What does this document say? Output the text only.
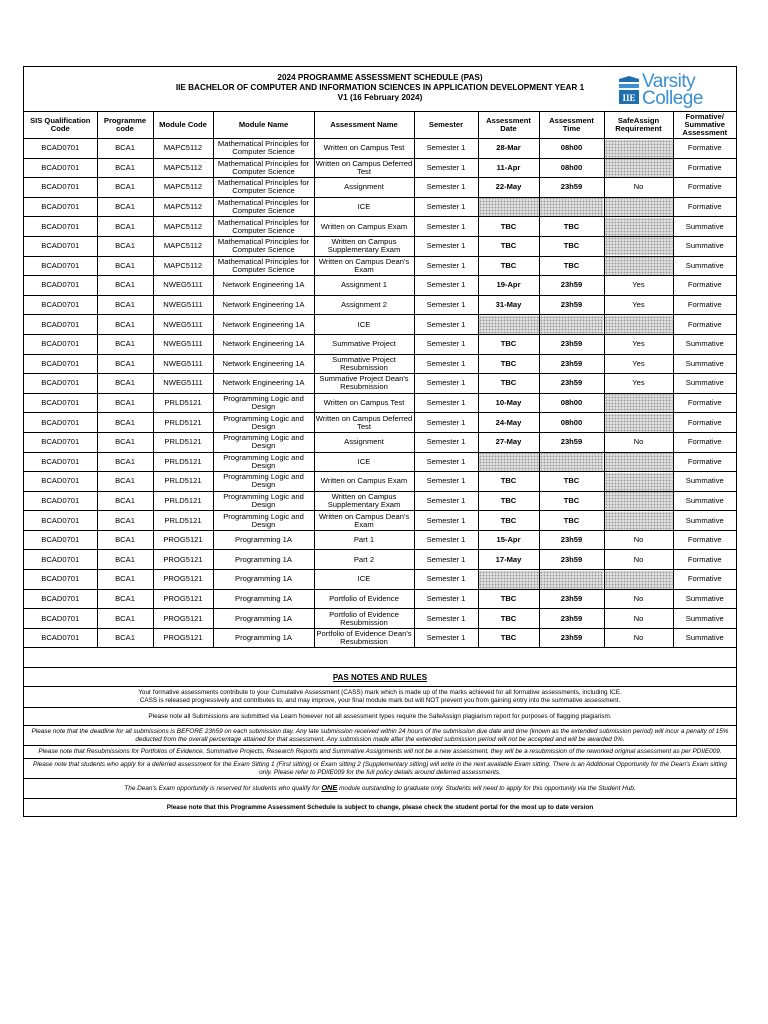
2024 PROGRAMME ASSESSMENT SCHEDULE (PAS)
IIE BACHELOR OF COMPUTER AND INFORMATION SCIENCES IN APPLICATION DEVELOPMENT YEAR 1
V1 (16 February 2024)	IIE
Varsity
College
SIS Qualification Code	Programme code	Module Code	Module Name	Assessment Name	Semester	Assessment Date	Assessment Time	SafeAssign Requirement	Formative/ Summative Assessment
BCAD0701	BCA1	MAPC5112	Mathematical Principles for Computer Science	Written on Campus Test	Semester 1	28-Mar	08h00		Formative
BCAD0701	BCA1	MAPC5112	Mathematical Principles for Computer Science	Written on Campus Deferred Test	Semester 1	11-Apr	08h00		Formative
BCAD0701	BCA1	MAPC5112	Mathematical Principles for Computer Science	Assignment	Semester 1	22-May	23h59	No	Formative
BCAD0701	BCA1	MAPC5112	Mathematical Principles for Computer Science	ICE	Semester 1				Formative
BCAD0701	BCA1	MAPC5112	Mathematical Principles for Computer Science	Written on Campus Exam	Semester 1	TBC	TBC		Summative
BCAD0701	BCA1	MAPC5112	Mathematical Principles for Computer Science	Written on Campus Supplementary Exam	Semester 1	TBC	TBC		Summative
BCAD0701	BCA1	MAPC5112	Mathematical Principles for Computer Science	Written on Campus Dean's Exam	Semester 1	TBC	TBC		Summative
BCAD0701	BCA1	NWEG5111	Network Engineering 1A	Assignment 1	Semester 1	19-Apr	23h59	Yes	Formative
BCAD0701	BCA1	NWEG5111	Network Engineering 1A	Assignment 2	Semester 1	31-May	23h59	Yes	Formative
BCAD0701	BCA1	NWEG5111	Network Engineering 1A	ICE	Semester 1				Formative
BCAD0701	BCA1	NWEG5111	Network Engineering 1A	Summative Project	Semester 1	TBC	23h59	Yes	Summative
BCAD0701	BCA1	NWEG5111	Network Engineering 1A	Summative Project Resubmission	Semester 1	TBC	23h59	Yes	Summative
BCAD0701	BCA1	NWEG5111	Network Engineering 1A	Summative Project Dean's Resubmission	Semester 1	TBC	23h59	Yes	Summative
BCAD0701	BCA1	PRLD5121	Programming Logic and Design	Written on Campus Test	Semester 1	10-May	08h00		Formative
BCAD0701	BCA1	PRLD5121	Programming Logic and Design	Written on Campus Deferred Test	Semester 1	24-May	08h00		Formative
BCAD0701	BCA1	PRLD5121	Programming Logic and Design	Assignment	Semester 1	27-May	23h59	No	Formative
BCAD0701	BCA1	PRLD5121	Programming Logic and Design	ICE	Semester 1				Formative
BCAD0701	BCA1	PRLD5121	Programming Logic and Design	Written on Campus Exam	Semester 1	TBC	TBC		Summative
BCAD0701	BCA1	PRLD5121	Programming Logic and Design	Written on Campus Supplementary Exam	Semester 1	TBC	TBC		Summative
BCAD0701	BCA1	PRLD5121	Programming Logic and Design	Written on Campus Dean's Exam	Semester 1	TBC	TBC		Summative
BCAD0701	BCA1	PROG5121	Programming 1A	Part 1	Semester 1	15-Apr	23h59	No	Formative
BCAD0701	BCA1	PROG5121	Programming 1A	Part 2	Semester 1	17-May	23h59	No	Formative
BCAD0701	BCA1	PROG5121	Programming 1A	ICE	Semester 1				Formative
BCAD0701	BCA1	PROG5121	Programming 1A	Portfolio of Evidence	Semester 1	TBC	23h59	No	Summative
BCAD0701	BCA1	PROG5121	Programming 1A	Portfolio of Evidence Resubmission	Semester 1	TBC	23h59	No	Summative
BCAD0701	BCA1	PROG5121	Programming 1A	Portfolio of Evidence Dean's Resubmission	Semester 1	TBC	23h59	No	Summative
PAS NOTES AND RULES
Your formative assessments contribute to your Cumulative Assessment (CASS) mark which is made up of the marks achieved for all formative assessments, including ICE.
CASS is released progressively and contributes to, and may improve, your final module mark but will NOT prevent you from gaining entry into the summative assessment.
Please note all Submissions are submitted via Learn however not all assessment types require the SafeAssign plagiarism report for purposes of flagging plagiarism.
Please note that the deadline for all submissions is BEFORE 23h59 on each submission day. Any late submission received within 24 hours of the submission due date and time (known as the extended submission period) will incur a penalty of 15% deducted from the overall percentage attained for that assessment. Any submission made after the extended submission period will not be accepted and will be awarded 0%.
Please note that Resubmissions for Portfolios of Evidence, Summative Projects, Research Reports and Summative Assignments will not be a new assessment, they will be a resubmission of the reworked original assessment as per PDIIE009.
Please note that students who apply for a deferred assessment for the Exam Sitting 1 (First sitting) or Exam sitting 2 (Supplementary sitting) will write in the next available Exam sitting. There is an Additional Opportunity for the Dean's Exam sitting only. Please refer to PDIIE009 for the full policy details around deferred assessments.
The Dean's Exam opportunity is reserved for students who qualify for ONE module outstanding to graduate only. Students will need to apply for this opportunity via the Student Hub.
Please note that this Programme Assessment Schedule is subject to change, please check the student portal for the most up to date version
